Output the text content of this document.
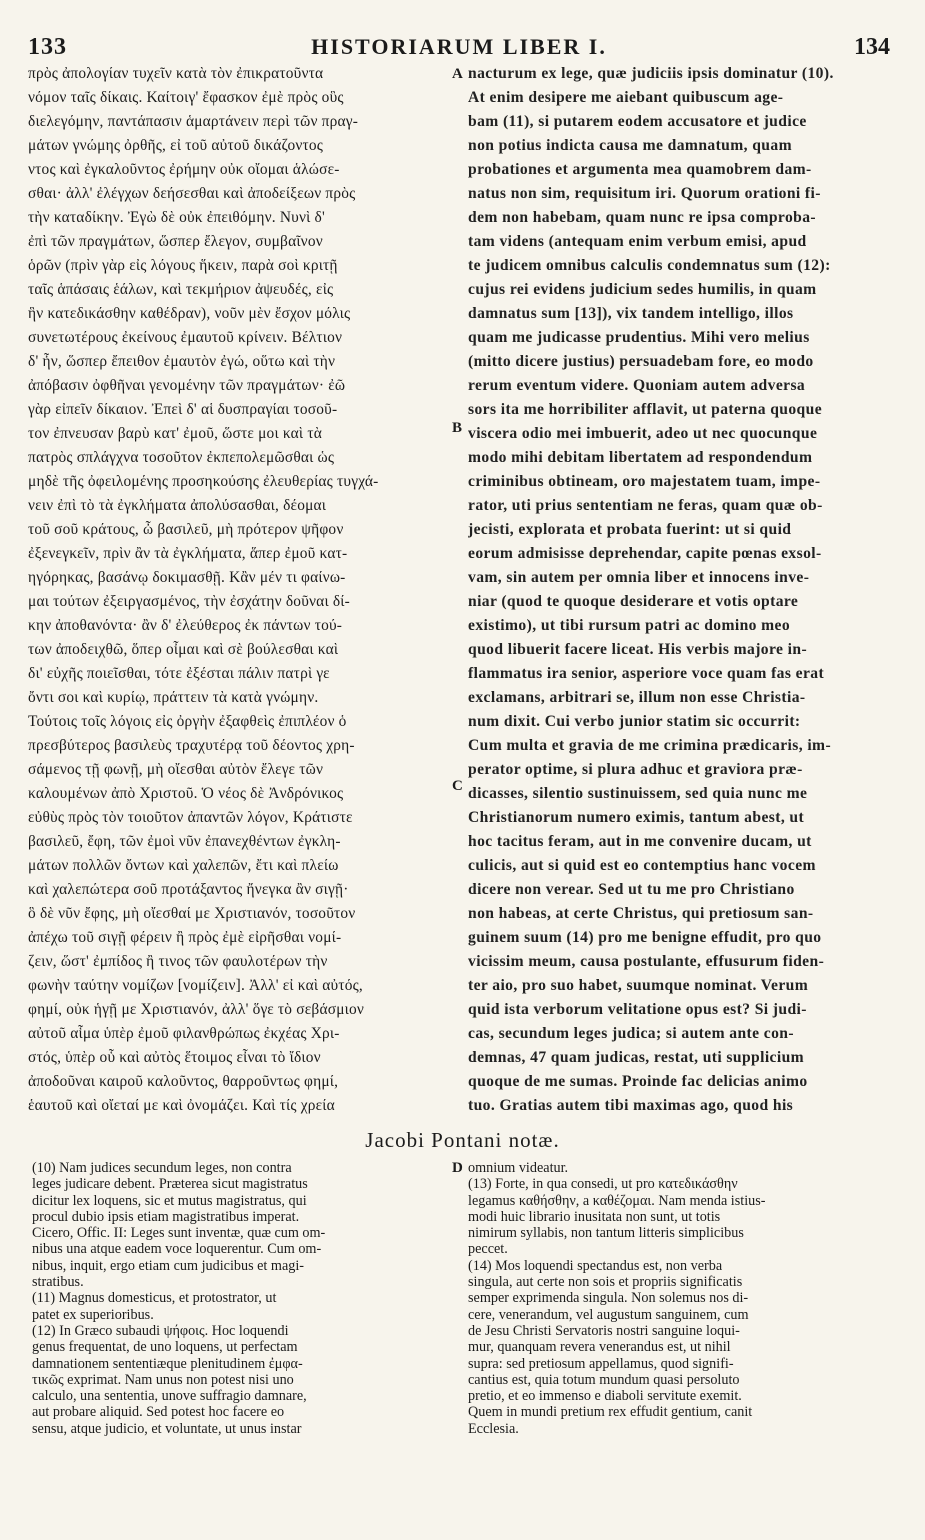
133	HISTORIARUM LIBER I.	134
πρὸς ἀπολογίαν τυχεῖν κατὰ τὸν ἐπικρατοῦντα
νόμον ταῖς δίκαις. Καίτοιγ' ἔφασκον ἐμὲ πρὸς οὓς
διελεγόμην, παντάπασιν ἁμαρτάνειν περὶ τῶν πραγ-
μάτων γνώμης ὀρθῆς, εἰ τοῦ αὐτοῦ δικάζοντος
ντος καὶ ἐγκαλοῦντος ἐρήμην οὐκ οἴομαι ἁλώσε-
σθαι· ἀλλ' ἐλέγχων δεήσεσθαι καὶ ἀποδείξεων πρὸς
τὴν καταδίκην. Ἐγὼ δὲ οὐκ ἐπειθόμην. Νυνὶ δ'
ἐπὶ τῶν πραγμάτων, ὥσπερ ἔλεγον, συμβαῖνον
ὁρῶν (πρὶν γὰρ εἰς λόγους ἥκειν, παρὰ σοὶ κριτῇ
ταῖς ἁπάσαις ἑάλων, καὶ τεκμήριον ἀψευδές, εἰς
ἣν κατεδικάσθην καθέδραν), νοῦν μὲν ἔσχον μόλις
συνετωτέρους ἐκείνους ἐμαυτοῦ κρίνειν. Βέλτιον
δ' ἦν, ὥσπερ ἔπειθον ἐμαυτὸν ἐγώ, οὕτω καὶ τὴν
ἀπόβασιν ὀφθῆναι γενομένην τῶν πραγμάτων· ἐῶ
γὰρ εἰπεῖν δίκαιον. Ἐπεὶ δ' αἱ δυσπραγίαι τοσοῦ-
τον ἐπνευσαν βαρὺ κατ' ἐμοῦ, ὥστε μοι καὶ τὰ
πατρὸς σπλάγχνα τοσοῦτον ἐκπεπολεμῶσθαι ὡς
μηδὲ τῆς ὀφειλομένης προσηκούσης ἐλευθερίας τυγχά-
νειν ἐπὶ τὸ τὰ ἐγκλήματα ἀπολύσασθαι, δέομαι
τοῦ σοῦ κράτους, ὦ βασιλεῦ, μὴ πρότερον ψῆφον
ἐξενεγκεῖν, πρὶν ἂν τὰ ἐγκλήματα, ἅπερ ἐμοῦ κατ-
ηγόρηκας, βασάνῳ δοκιμασθῇ. Κἂν μέν τι φαίνω-
μαι τούτων ἐξειργασμένος, τὴν ἐσχάτην δοῦναι δί-
κην ἀποθανόντα· ἂν δ' ἐλεύθερος ἐκ πάντων τού-
των ἀποδειχθῶ, ὅπερ οἶμαι καὶ σὲ βούλεσθαι καὶ
δι' εὐχῆς ποιεῖσθαι, τότε ἐξέσται πάλιν πατρὶ γε
ὄντι σοι καὶ κυρίῳ, πράττειν τὰ κατὰ γνώμην.
Τούτοις τοῖς λόγοις εἰς ὀργὴν ἐξαφθεὶς ἐπιπλέον ὁ
πρεσβύτερος βασιλεὺς τραχυτέρᾳ τοῦ δέοντος χρη-
σάμενος τῇ φωνῇ, μὴ οἴεσθαι αὐτὸν ἔλεγε τῶν
καλουμένων ἀπὸ Χριστοῦ. Ὁ νέος δὲ Ἀνδρόνικος
εὐθὺς πρὸς τὸν τοιοῦτον ἀπαντῶν λόγον, Κράτιστε
βασιλεῦ, ἔφη, τῶν ἐμοὶ νῦν ἐπανεχθέντων ἐγκλη-
μάτων πολλῶν ὄντων καὶ χαλεπῶν, ἔτι καὶ πλείω
καὶ χαλεπώτερα σοῦ προτάξαντος ἤνεγκα ἂν σιγῇ·
ὃ δὲ νῦν ἔφης, μὴ οἴεσθαί με Χριστιανόν, τοσοῦτον
ἀπέχω τοῦ σιγῇ φέρειν ἢ πρὸς ἐμὲ εἰρῆσθαι νομί-
ζειν, ὥστ' ἐμπίδος ἢ τινος τῶν φαυλοτέρων τὴν
φωνὴν ταύτην νομίζων [νομίζειν]. Ἀλλ' εἰ καὶ αὐτός,
φημί, οὐκ ἡγῇ με Χριστιανόν, ἀλλ' ὅγε τὸ σεβάσμιον
αὐτοῦ αἷμα ὑπὲρ ἐμοῦ φιλανθρώπως ἐκχέας Χρι-
στός, ὑπὲρ οὗ καὶ αὐτὸς ἕτοιμος εἶναι τὸ ἴδιον
ἀποδοῦναι καιροῦ καλοῦντος, θαρροῦντως φημί,
ἑαυτοῦ καὶ οἴεταί με καὶ ὀνομάζει. Καὶ τίς χρεία
nacturum ex lege, quæ judiciis ipsis dominatur (10).
At enim desipere me aiebant quibuscum age-
bam (11), si putarem eodem accusatore et judice
non potius indicta causa me damnatum, quam
probationes et argumenta mea quamobrem dam-
natus non sim, requisitum iri. Quorum orationi fi-
dem non habebam, quam nunc re ipsa comproba-
tam videns (antequam enim verbum emisi, apud
te judicem omnibus calculis condemnatus sum (12):
cujus rei evidens judicium sedes humilis, in quam
damnatus sum [13]), vix tandem intelligo, illos
quam me judicasse prudentius. Mihi vero melius
(mitto dicere justius) persuadebam fore, eo modo
rerum eventum videre. Quoniam autem adversa
sors ita me horribiliter afflavit, ut paterna quoque
viscera odio mei imbuerit, adeo ut nec quocunque
modo mihi debitam libertatem ad respondendum
criminibus obtineam, oro majestatem tuam, impe-
rator, uti prius sententiam ne feras, quam quæ ob-
jecisti, explorata et probata fuerint: ut si quid
eorum admisisse deprehendar, capite pœnas exsol-
vam, sin autem per omnia liber et innocens inve-
niar (quod te quoque desiderare et votis optare
existimo), ut tibi rursum patri ac domino meo
quod libuerit facere liceat. His verbis majore in-
flammatus ira senior, asperiore voce quam fas erat
exclamans, arbitrari se, illum non esse Christia-
num dixit. Cui verbo junior statim sic occurrit:
Cum multa et gravia de me crimina prædicaris, im-
perator optime, si plura adhuc et graviora præ-
dicasses, silentio sustinuissem, sed quia nunc me
Christianorum numero eximis, tantum abest, ut
hoc tacitus feram, aut in me convenire ducam, ut
culicis, aut si quid est eo contemptius hanc vocem
dicere non verear. Sed ut tu me pro Christiano
non habeas, at certe Christus, qui pretiosum san-
guinem suum (14) pro me benigne effudit, pro quo
vicissim meum, causa postulante, effusurum fiden-
ter aio, pro suo habet, suumque nominat. Verum
quid ista verborum velitatione opus est? Si judi-
cas, secundum leges judica; si autem ante con-
demnas, 47 quam judicas, restat, uti supplicium
quoque de me sumas. Proinde fac delicias animo
tuo. Gratias autem tibi maximas ago, quod his
A
B
C
D
Jacobi Pontani notæ.
(10) Nam judices secundum leges, non contra
leges judicare debent. Præterea sicut magistratus
dicitur lex loquens, sic et mutus magistratus, qui
procul dubio ipsis etiam magistratibus imperat.
Cicero, Offic. II: Leges sunt inventæ, quæ cum om-
nibus una atque eadem voce loquerentur. Cum om-
nibus, inquit, ergo etiam cum judicibus et magi-
stratibus.
(11) Magnus domesticus, et protostrator, ut
patet ex superioribus.
(12) In Græco subaudi ψήφοις. Hoc loquendi
genus frequentat, de uno loquens, ut perfectam
damnationem sententiæque plenitudinem ἐμφα-
τικῶς exprimat. Nam unus non potest nisi uno
calculo, una sententia, unove suffragio damnare,
aut probare aliquid. Sed potest hoc facere eo
sensu, atque judicio, et voluntate, ut unus instar
omnium videatur.
(13) Forte, in qua consedi, ut pro κατεδικάσθην
legamus καθήσθην, a καθέζομαι. Nam menda istius-
modi huic librario inusitata non sunt, ut totis
nimirum syllabis, non tantum litteris simplicibus
peccet.
(14) Mos loquendi spectandus est, non verba
singula, aut certe non sois et propriis significatis
semper exprimenda singula. Non solemus nos di-
cere, venerandum, vel augustum sanguinem, cum
de Jesu Christi Servatoris nostri sanguine loqui-
mur, quanquam revera venerandus est, ut nihil
supra: sed pretiosum appellamus, quod signifi-
cantius est, quia totum mundum quasi persoluto
pretio, et eo immenso e diaboli servitute exemit.
Quem in mundi pretium rex effudit gentium, canit
Ecclesia.
